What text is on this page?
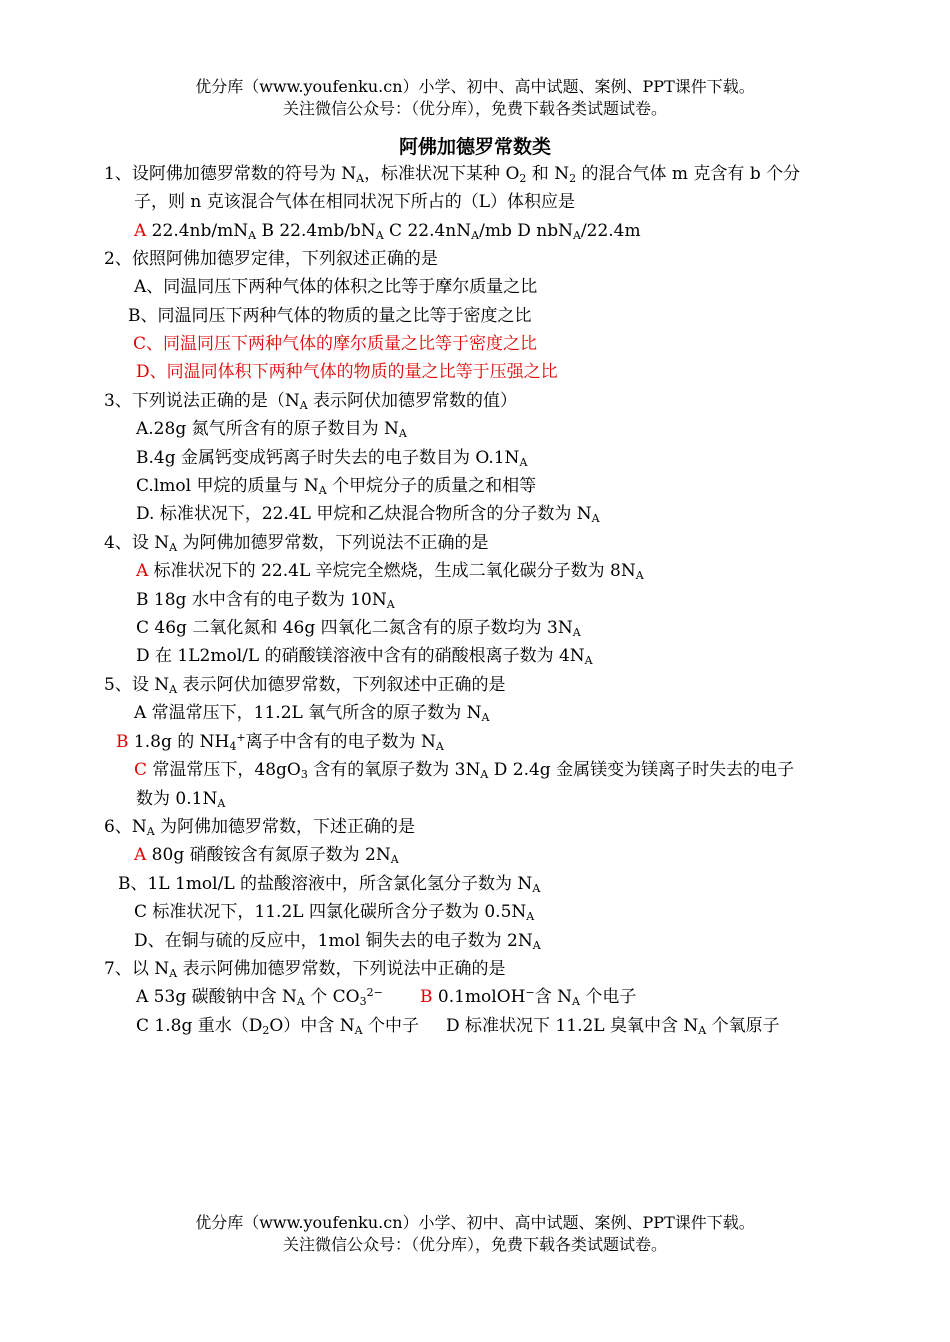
优分库（www.youfenku.cn）小学、初中、高中试题、案例、PPT课件下载。
关注微信公众号：（优分库），免费下载各类试题试卷。
阿佛加德罗常数类
1、设阿佛加德罗常数的符号为 $N_A$，标准状况下某种 $O_2$ 和 $N_2$ 的混合气体 m 克含有 b 个分
子，则 n 克该混合气体在相同状况下所占的（L）体积应是
A $22.4nb/mN_A$ B $22.4mb/bN_A$ C $22.4nN_A/mb$ D nbN$_A$/22.4m
2、依照阿佛加德罗定律，下列叙述正确的是
A、同温同压下两种气体的体积之比等于摩尔质量之比
B、同温同压下两种气体的物质的量之比等于密度之比
C、同温同压下两种气体的摩尔质量之比等于密度之比
D、同温同体积下两种气体的物质的量之比等于压强之比
3、下列说法正确的是（$N_A$ 表示阿伏加德罗常数的值）
A.28g 氮气所含有的原子数目为 $N_A$
B.4g 金属钙变成钙离子时失去的电子数目为 $O.1N_A$
C.lmol 甲烷的质量与 $N_A$ 个甲烷分子的质量之和相等
D. 标准状况下，22.4L 甲烷和乙炔混合物所含的分子数为 $N_A$
4、设 $N_A$ 为阿佛加德罗常数，下列说法不正确的是
A 标准状况下的 22.4L 辛烷完全燃烧，生成二氧化碳分子数为 $8N_A$
B 18g 水中含有的电子数为 $10N_A$
C 46g 二氧化氮和 46g 四氧化二氮含有的原子数均为 $3N_A$
D 在 1L2mol/L 的硝酸镁溶液中含有的硝酸根离子数为 $4N_A$
5、设 $N_A$ 表示阿伏加德罗常数，下列叙述中正确的是
A 常温常压下，11.2L 氧气所含的原子数为 $N_A$
B 1.8g 的 $NH_4^+$离子中含有的电子数为 $N_A$
C 常温常压下，$48gO_3$ 含有的氧原子数为 $3N_A$ D 2.4g 金属镁变为镁离子时失去的电子
数为 $0.1N_A$
6、$N_A$ 为阿佛加德罗常数，下述正确的是
A 80g 硝酸铵含有氮原子数为 $2N_A$
B、1L 1mol/L 的盐酸溶液中，所含氯化氢分子数为 $N_A$
C 标准状况下，11.2L 四氯化碳所含分子数为 $0.5N_A$
D、在铜与硫的反应中，1mol 铜失去的电子数为 $2N_A$
7、以 $N_A$ 表示阿佛加德罗常数，下列说法中正确的是
A 53g 碳酸钠中含 $N_A$ 个 $CO_3^{2-}$ B 0.1molOH−含 $N_A$ 个电子
C 1.8g 重水$(D_2O)$中含 $N_A$ 个中子 D 标准状况下 11.2L 臭氧中含 $N_A$ 个氧原子
优分库（www.youfenku.cn）小学、初中、高中试题、案例、PPT课件下载。
关注微信公众号：（优分库），免费下载各类试题试卷。
